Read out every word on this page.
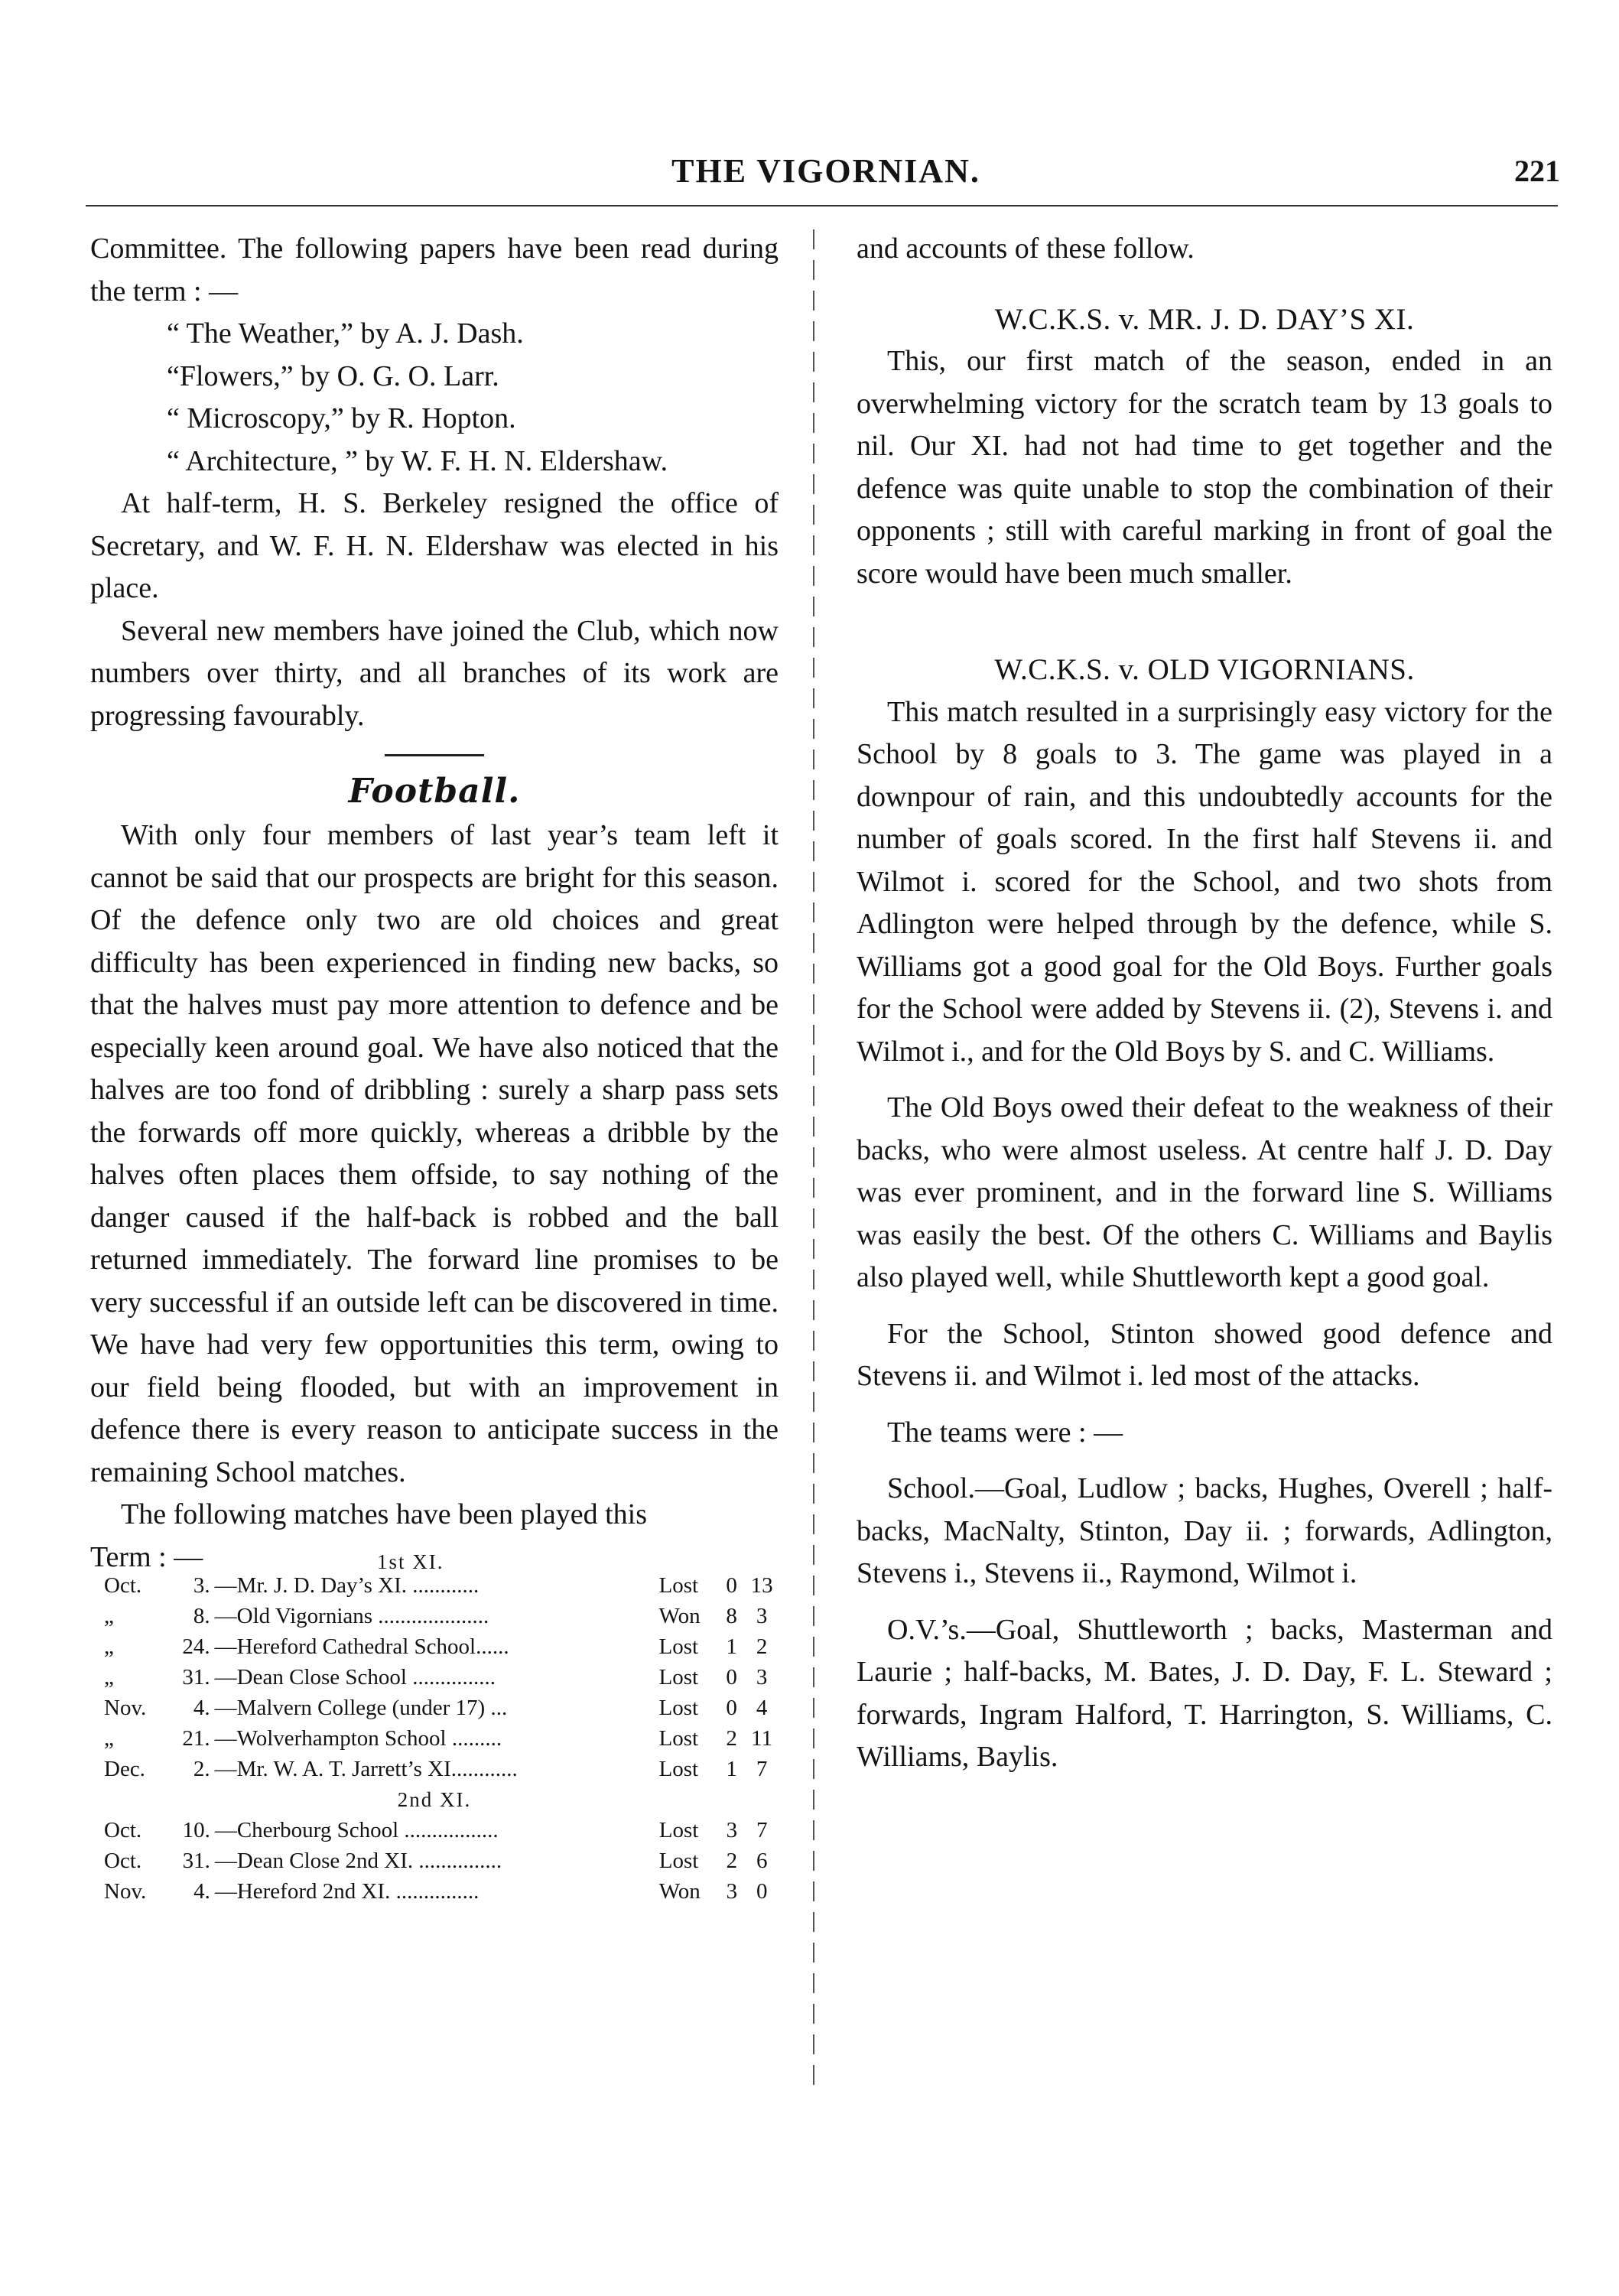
THE VIGORNIAN.	221

Committee. The following papers have been read during the term : —

“ The Weather,” by A. J. Dash.

“Flowers,” by O. G. O. Larr.

“ Microscopy,” by R. Hopton.

“ Architecture, ” by W. F. H. N. Eldershaw.

At half-term, H. S. Berkeley resigned the office of Secretary, and W. F. H. N. Eldershaw was elected in his place.

Several new members have joined the Club, which now numbers over thirty, and all branches of its work are progressing favourably.

Football.

With only four members of last year’s team left it cannot be said that our prospects are bright for this season. Of the defence only two are old choices and great difficulty has been experienced in finding new backs, so that the halves must pay more attention to defence and be especially keen around goal. We have also noticed that the halves are too fond of dribbling : surely a sharp pass sets the forwards off more quickly, whereas a dribble by the halves often places them offside, to say nothing of the danger caused if the half-back is robbed and the ball returned immediately. The forward line promises to be very successful if an outside left can be discovered in time. We have had very few opportunities this term, owing to our field being flooded, but with an improvement in defence there is every reason to anticipate success in the remaining School matches.

The following matches have been played this

Term : —	1st XI.
Oct.	3.	—Mr. J. D. Day’s XI. ............	Lost	0	13
„	8.	—Old Vigornians ....................	Won	8	3
„	24.	—Hereford Cathedral School......	Lost	1	2
„	31.	—Dean Close School ...............	Lost	0	3
Nov.	4.	—Malvern College (under 17) ...	Lost	0	4
„	21.	—Wolverhampton School .........	Lost	2	11
Dec.	2.	—Mr. W. A. T. Jarrett’s XI............	Lost	1	7
2nd XI.
Oct.	10.	—Cherbourg School .................	Lost	3	7
Oct.	31.	—Dean Close 2nd XI. ...............	Lost	2	6
Nov.	4.	—Hereford 2nd XI. ...............	Won	3	0

and accounts of these follow.

W.C.K.S. v. MR. J. D. DAY’S XI.

This, our first match of the season, ended in an overwhelming victory for the scratch team by 13 goals to nil. Our XI. had not had time to get together and the defence was quite unable to stop the combination of their opponents ; still with careful marking in front of goal the score would have been much smaller.

W.C.K.S. v. OLD VIGORNIANS.

This match resulted in a surprisingly easy victory for the School by 8 goals to 3. The game was played in a downpour of rain, and this undoubtedly accounts for the number of goals scored. In the first half Stevens ii. and Wilmot i. scored for the School, and two shots from Adlington were helped through by the defence, while S. Williams got a good goal for the Old Boys. Further goals for the School were added by Stevens ii. (2), Stevens i. and Wilmot i., and for the Old Boys by S. and C. Williams.

The Old Boys owed their defeat to the weakness of their backs, who were almost useless. At centre half J. D. Day was ever prominent, and in the forward line S. Williams was easily the best. Of the others C. Williams and Baylis also played well, while Shuttleworth kept a good goal.

For the School, Stinton showed good defence and Stevens ii. and Wilmot i. led most of the attacks.

The teams were : —

School.—Goal, Ludlow ; backs, Hughes, Overell ; half-backs, MacNalty, Stinton, Day ii. ; forwards, Adlington, Stevens i., Stevens ii., Raymond, Wilmot i.

O.V.’s.—Goal, Shuttleworth ; backs, Masterman and Laurie ; half-backs, M. Bates, J. D. Day, F. L. Steward ; forwards, Ingram Halford, T. Harrington, S. Williams, C. Williams, Baylis.
